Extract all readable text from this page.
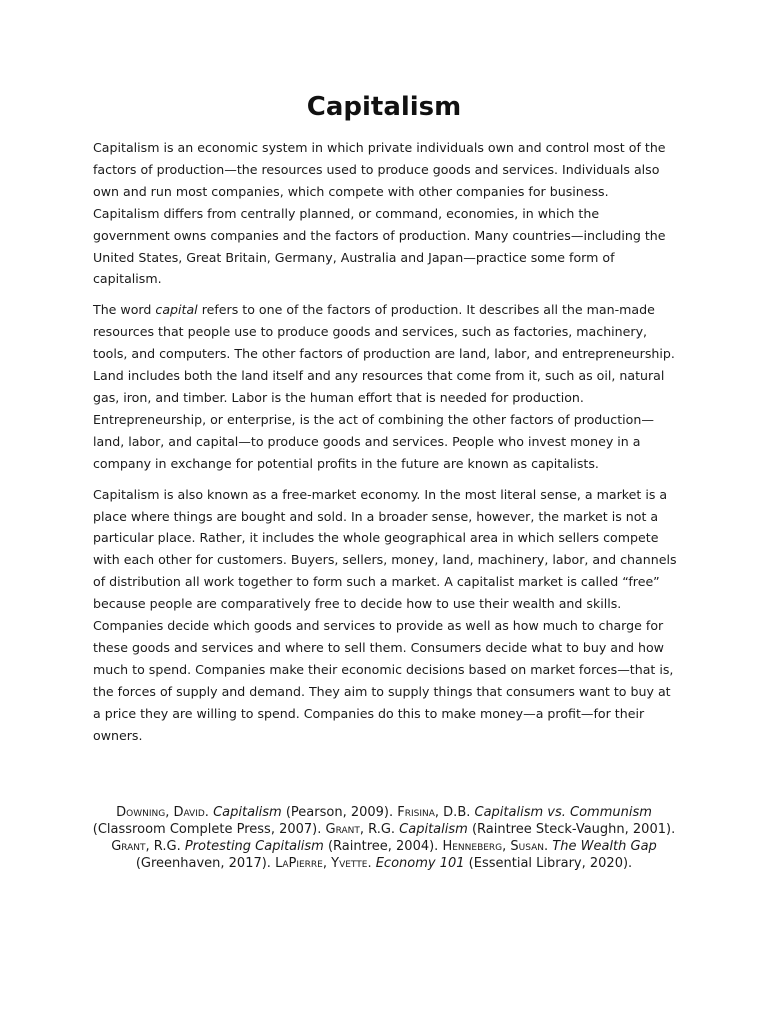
Capitalism

Capitalism is an economic system in which private individuals own and control most of the factors of production—the resources used to produce goods and services. Individuals also own and run most companies, which compete with other companies for business. Capitalism differs from centrally planned, or command, economies, in which the government owns companies and the factors of production. Many countries—including the United States, Great Britain, Germany, Australia and Japan—practice some form of capitalism.

The word capital refers to one of the factors of production. It describes all the man-made resources that people use to produce goods and services, such as factories, machinery, tools, and computers. The other factors of production are land, labor, and entrepreneurship. Land includes both the land itself and any resources that come from it, such as oil, natural gas, iron, and timber. Labor is the human effort that is needed for production. Entrepreneurship, or enterprise, is the act of combining the other factors of production—land, labor, and capital—to produce goods and services. People who invest money in a company in exchange for potential profits in the future are known as capitalists.

Capitalism is also known as a free-market economy. In the most literal sense, a market is a place where things are bought and sold. In a broader sense, however, the market is not a particular place. Rather, it includes the whole geographical area in which sellers compete with each other for customers. Buyers, sellers, money, land, machinery, labor, and channels of distribution all work together to form such a market. A capitalist market is called “free” because people are comparatively free to decide how to use their wealth and skills. Companies decide which goods and services to provide as well as how much to charge for these goods and services and where to sell them. Consumers decide what to buy and how much to spend. Companies make their economic decisions based on market forces—that is, the forces of supply and demand. They aim to supply things that consumers want to buy at a price they are willing to spend. Companies do this to make money—a profit—for their owners.

Downing, David. Capitalism (Pearson, 2009). Frisina, D.B. Capitalism vs. Communism (Classroom Complete Press, 2007). Grant, R.G. Capitalism (Raintree Steck-Vaughn, 2001). Grant, R.G. Protesting Capitalism (Raintree, 2004). Henneberg, Susan. The Wealth Gap (Greenhaven, 2017). LaPierre, Yvette. Economy 101 (Essential Library, 2020).
